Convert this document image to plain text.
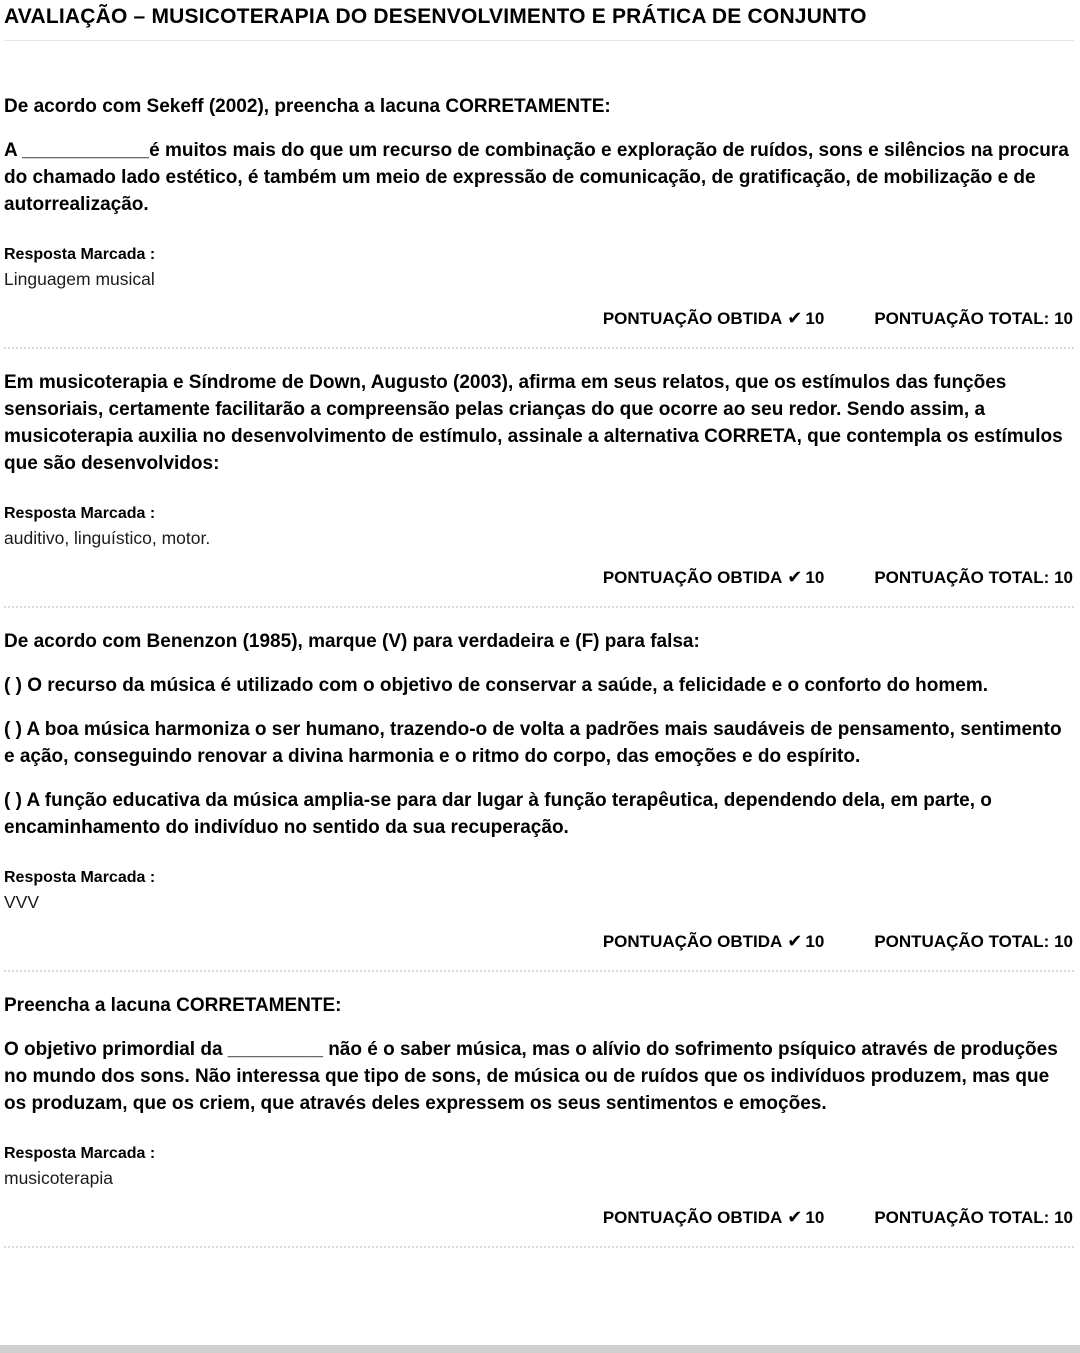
AVALIAÇÃO – MUSICOTERAPIA DO DESENVOLVIMENTO E PRÁTICA DE CONJUNTO

De acordo com Sekeff (2002), preencha a lacuna CORRETAMENTE:

A ____________é muitos mais do que um recurso de combinação e exploração de ruídos, sons e silêncios na procura do chamado lado estético, é também um meio de expressão de comunicação, de gratificação, de mobilização e de autorrealização.

Resposta Marcada :
Linguagem musical
PONTUAÇÃO OBTIDA ✔ 10	PONTUAÇÃO TOTAL: 10

Em musicoterapia e Síndrome de Down, Augusto (2003), afirma em seus relatos, que os estímulos das funções sensoriais, certamente facilitarão a compreensão pelas crianças do que ocorre ao seu redor. Sendo assim, a musicoterapia auxilia no desenvolvimento de estímulo, assinale a alternativa CORRETA, que contempla os estímulos que são desenvolvidos:

Resposta Marcada :
auditivo, linguístico, motor.
PONTUAÇÃO OBTIDA ✔ 10	PONTUAÇÃO TOTAL: 10

De acordo com Benenzon (1985), marque (V) para verdadeira e (F) para falsa:

( ) O recurso da música é utilizado com o objetivo de conservar a saúde, a felicidade e o conforto do homem.

( ) A boa música harmoniza o ser humano, trazendo-o de volta a padrões mais saudáveis de pensamento, sentimento e ação, conseguindo renovar a divina harmonia e o ritmo do corpo, das emoções e do espírito.

( ) A função educativa da música amplia-se para dar lugar à função terapêutica, dependendo dela, em parte, o encaminhamento do indivíduo no sentido da sua recuperação.

Resposta Marcada :
VVV
PONTUAÇÃO OBTIDA ✔ 10	PONTUAÇÃO TOTAL: 10

Preencha a lacuna CORRETAMENTE:

O objetivo primordial da _________ não é o saber música, mas o alívio do sofrimento psíquico através de produções no mundo dos sons. Não interessa que tipo de sons, de música ou de ruídos que os indivíduos produzem, mas que os produzam, que os criem, que através deles expressem os seus sentimentos e emoções.

Resposta Marcada :
musicoterapia
PONTUAÇÃO OBTIDA ✔ 10	PONTUAÇÃO TOTAL: 10
